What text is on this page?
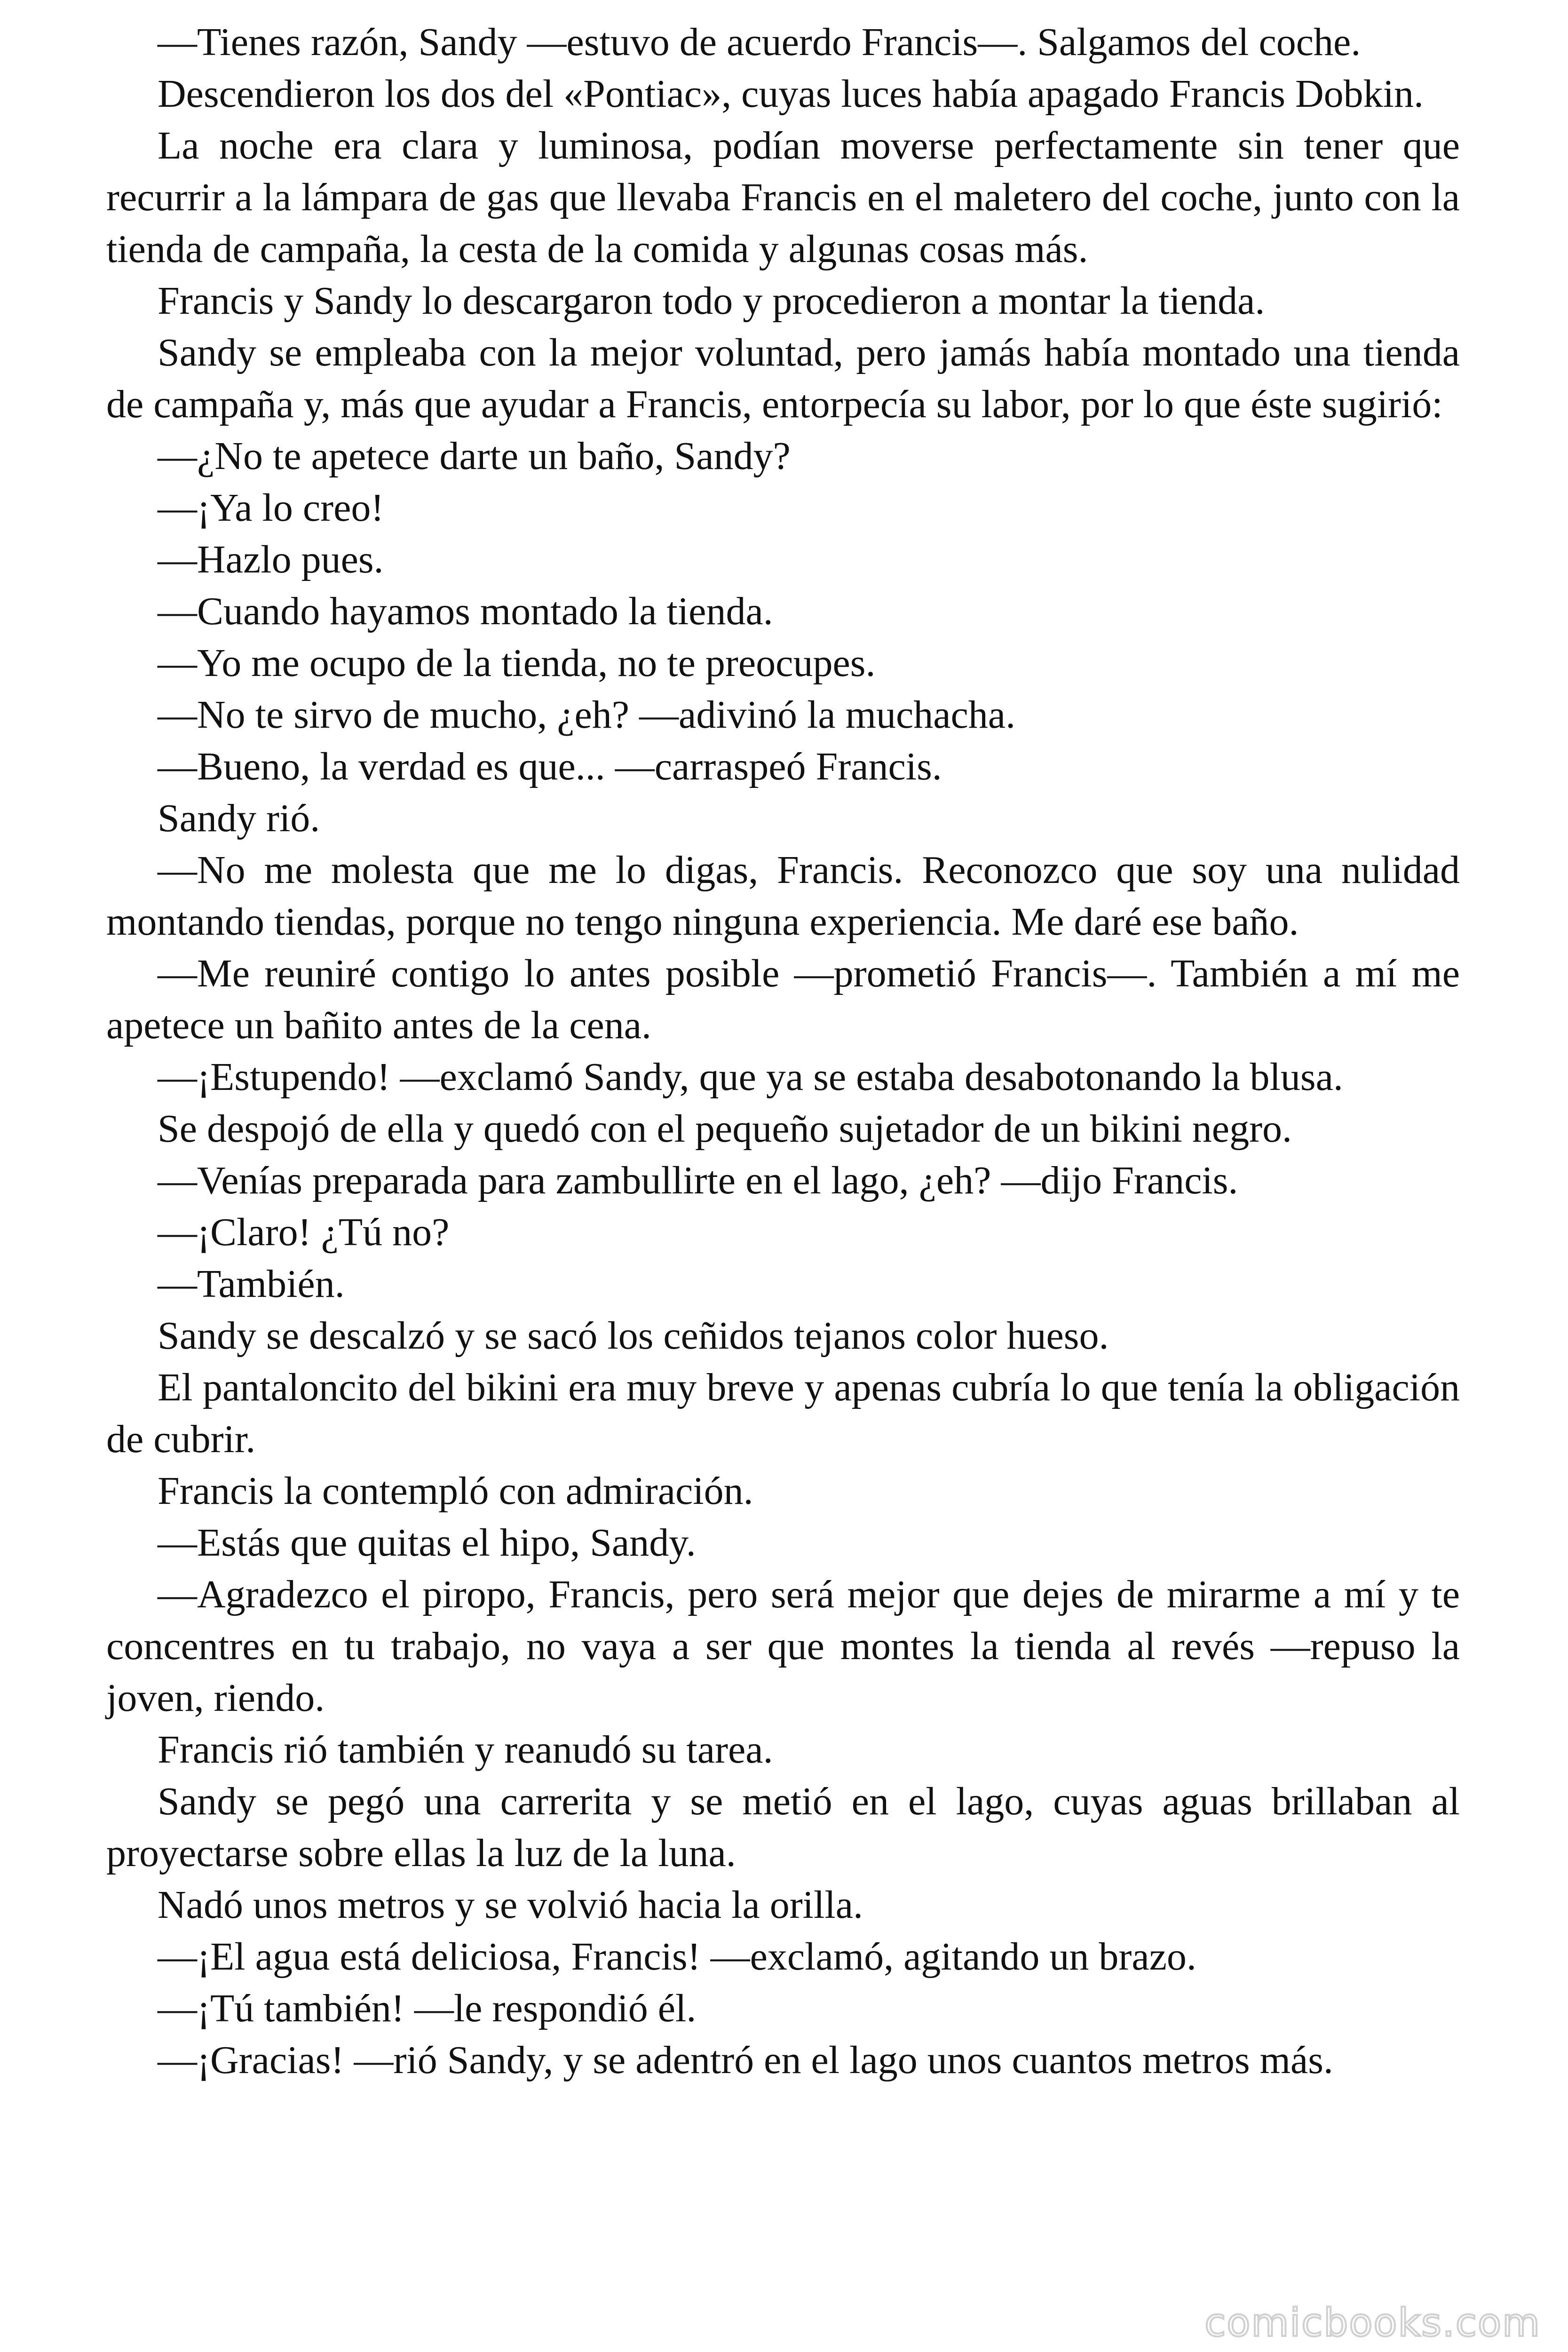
—Tienes razón, Sandy —estuvo de acuerdo Francis—. Salgamos del coche.

Descendieron los dos del «Pontiac», cuyas luces había apagado Francis Dobkin.

La noche era clara y luminosa, podían moverse perfectamente sin tener que recurrir a la lámpara de gas que llevaba Francis en el maletero del coche, junto con la tienda de campaña, la cesta de la comida y algunas cosas más.

Francis y Sandy lo descargaron todo y procedieron a montar la tienda.

Sandy se empleaba con la mejor voluntad, pero jamás había montado una tienda de campaña y, más que ayudar a Francis, entorpecía su labor, por lo que éste sugirió:

—¿No te apetece darte un baño, Sandy?

—¡Ya lo creo!

—Hazlo pues.

—Cuando hayamos montado la tienda.

—Yo me ocupo de la tienda, no te preocupes.

—No te sirvo de mucho, ¿eh? —adivinó la muchacha.

—Bueno, la verdad es que... —carraspeó Francis.

Sandy rió.

—No me molesta que me lo digas, Francis. Reconozco que soy una nulidad montando tiendas, porque no tengo ninguna experiencia. Me daré ese baño.

—Me reuniré contigo lo antes posible —prometió Francis—. También a mí me apetece un bañito antes de la cena.

—¡Estupendo! —exclamó Sandy, que ya se estaba desabotonando la blusa.

Se despojó de ella y quedó con el pequeño sujetador de un bikini negro.

—Venías preparada para zambullirte en el lago, ¿eh? —dijo Francis.

—¡Claro! ¿Tú no?

—También.

Sandy se descalzó y se sacó los ceñidos tejanos color hueso.

El pantaloncito del bikini era muy breve y apenas cubría lo que tenía la obligación de cubrir.

Francis la contempló con admiración.

—Estás que quitas el hipo, Sandy.

—Agradezco el piropo, Francis, pero será mejor que dejes de mirarme a mí y te concentres en tu trabajo, no vaya a ser que montes la tienda al revés —repuso la joven, riendo.

Francis rió también y reanudó su tarea.

Sandy se pegó una carrerita y se metió en el lago, cuyas aguas brillaban al proyectarse sobre ellas la luz de la luna.

Nadó unos metros y se volvió hacia la orilla.

—¡El agua está deliciosa, Francis! —exclamó, agitando un brazo.

—¡Tú también! —le respondió él.

—¡Gracias! —rió Sandy, y se adentró en el lago unos cuantos metros más.

comicbooks.com
